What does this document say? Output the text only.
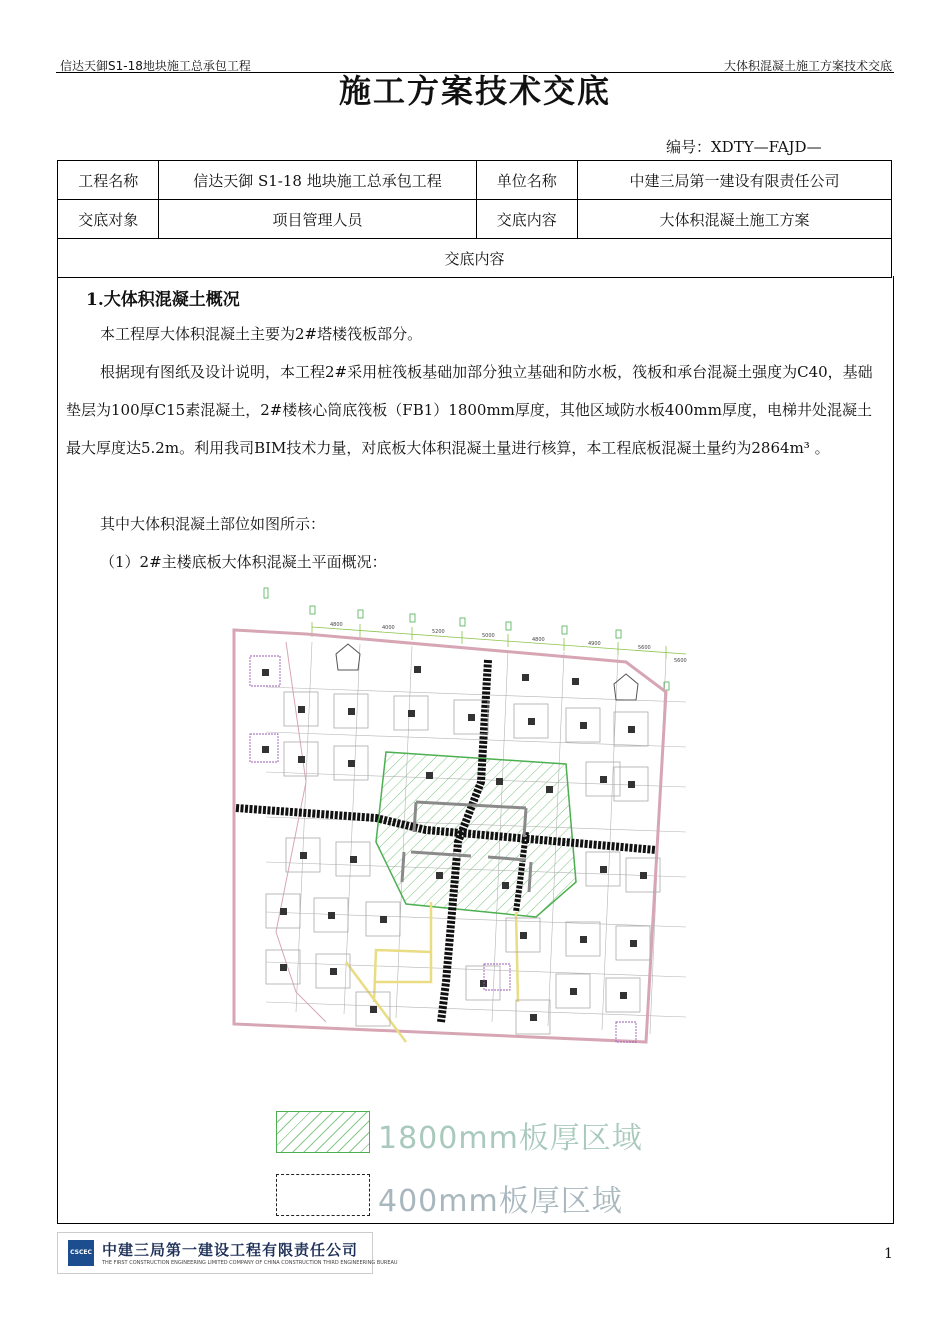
信达天御S1-18地块施工总承包工程	大体积混凝土施工方案技术交底
施工方案技术交底
编号：XDTY—FAJD—
工程名称	信达天御 S1-18 地块施工总承包工程	单位名称	中建三局第一建设有限责任公司
交底对象	项目管理人员	交底内容	大体积混凝土施工方案
交底内容			
1.大体积混凝土概况
本工程厚大体积混凝土主要为2#塔楼筏板部分。
根据现有图纸及设计说明，本工程2#采用桩筏板基础加部分独立基础和防水板，筏板和承台混凝土强度为C40，基础垫层为100厚C15素混凝土，2#楼核心筒底筏板（FB1）1800mm厚度，其他区域防水板400mm厚度，电梯井处混凝土最大厚度达5.2m。利用我司BIM技术力量，对底板大体积混凝土量进行核算，本工程底板混凝土量约为2864m³ 。
其中大体积混凝土部位如图所示：
（1）2#主楼底板大体积混凝土平面概况：
4800	4000
5200
5000
4800
4900
5600
5600
1800mm板厚区域
400mm板厚区域
CSCEC 中建三局第一建设工程有限责任公司
THE FIRST CONSTRUCTION ENGINEERING LIMITED COMPANY OF CHINA CONSTRUCTION THIRD ENGINEERING BUREAU
1
